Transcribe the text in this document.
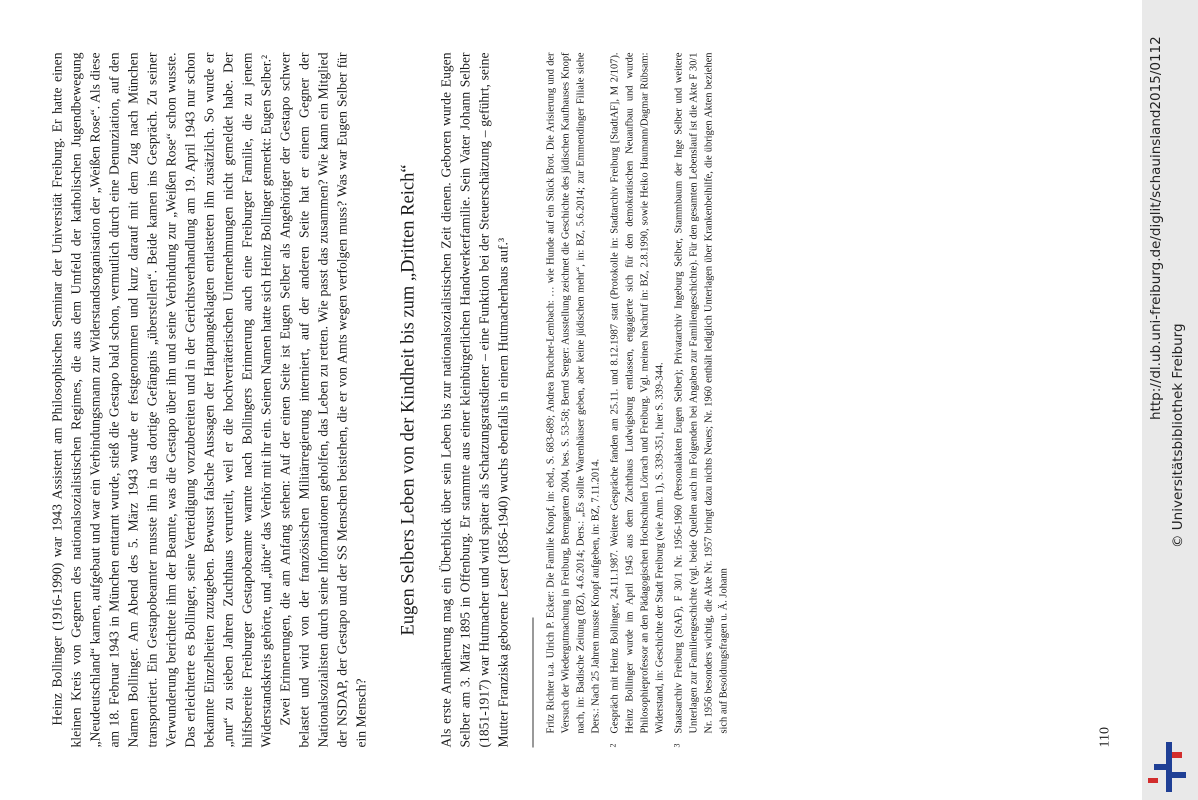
Heinz Bollinger (1916-1990) war 1943 Assistent am Philosophischen Seminar der Universität Freiburg. Er hatte einen kleinen Kreis von Gegnern des nationalsozialistischen Regimes, die aus dem Umfeld der katholischen Jugendbewegung „Neudeutschland“ kamen, aufgebaut und war ein Verbindungsmann zur Widerstandsorganisation der „Weißen Rose“. Als diese am 18. Februar 1943 in München enttarnt wurde, stieß die Gestapo bald schon, vermutlich durch eine Denunziation, auf den Namen Bollinger. Am Abend des 5. März 1943 wurde er festgenommen und kurz darauf mit dem Zug nach München transportiert. Ein Gestapobeamter musste ihn in das dortige Gefängnis „überstellen“. Beide kamen ins Gespräch. Zu seiner Verwunderung berichtete ihm der Beamte, was die Gestapo über ihn und seine Verbindung zur „Weißen Rose“ schon wusste. Das erleichterte es Bollinger, seine Verteidigung vorzubereiten und in der Gerichtsverhandlung am 19. April 1943 nur schon bekannte Einzelheiten zuzugeben. Bewusst falsche Aussagen der Hauptangeklagten entlasteten ihn zusätzlich. So wurde er „nur“ zu sieben Jahren Zuchthaus verurteilt, weil er die hochverräterischen Unternehmungen nicht gemeldet habe. Der hilfsbereite Freiburger Gestapobeamte warnte nach Bollingers Erinnerung auch eine Freiburger Familie, die zu jenem Widerstandskreis gehörte, und „übte“ das Verhör mit ihr ein. Seinen Namen hatte sich Heinz Bollinger gemerkt: Eugen Selber.² Zwei Erinnerungen, die am Anfang stehen: Auf der einen Seite ist Eugen Selber als Angehöriger der Gestapo schwer belastet und wird von der französischen Militärregierung interniert, auf der anderen Seite hat er einem Gegner der Nationalsozialisten durch seine Informationen geholfen, das Leben zu retten. Wie passt das zusammen? Wie kann ein Mitglied der NSDAP, der Gestapo und der SS Menschen beistehen, die er von Amts wegen verfolgen muss? Was war Eugen Selber für ein Mensch?

Eugen Selbers Leben von der Kindheit bis zum „Dritten Reich“ Als erste Annäherung mag ein Überblick über sein Leben bis zur nationalsozialistischen Zeit dienen. Geboren wurde Eugen Selber am 3. März 1895 in Offenburg. Er stammte aus einer kleinbürgerlichen Handwerkerfamilie. Sein Vater Johann Selber (1851-1917) war Hutmacher und wird später als Schatzungsratsdiener – eine Funktion bei der Steuerschätzung – geführt, seine Mutter Franziska geborene Leser (1856-1940) wuchs ebenfalls in einem Hutmacherhaus auf.³	Fritz Richter u.a. Ulrich P. Ecker: Die Familie Knopf, in: ebd., S. 683-689; Andrea Brucher-Lembach: … wie Hunde auf ein Stück Brot. Die Arisierung und der Versuch der Wiedergutmachung in Freiburg, Bremgarten 2004, bes. S. 53-58; Bernd Serger: Ausstellung zeichnet die Geschichte des jüdischen Kaufhauses Knopf nach, in: Badische Zeitung (BZ), 4.6.2014; Ders.: „Es sollte Warenhäuser geben, aber keine jüdischen mehr“, in: BZ, 5.6.2014; zur Emmendinger Filiale siehe Ders.: Nach 25 Jahren musste Knopf aufgeben, in: BZ, 7.11.2014.
2
Gespräch mit Heinz Bollinger, 24.11.1987. Weitere Gespräche fanden am 25.11. und 8.12.1987 statt (Protokolle in: Stadtarchiv Freiburg [StadtAF], M 2/107). Heinz Bollinger wurde im April 1945 aus dem Zuchthaus Ludwigsburg entlassen, engagierte sich für den demokratischen Neuaufbau und wurde Philosophieprofessor an den Pädagogischen Hochschulen Lörrach und Freiburg. Vgl. meinen Nachruf in: BZ, 2.8.1990, sowie Heiko Haumann/Dagmar Rübsam: Widerstand, in: Geschichte der Stadt Freiburg (wie Anm. 1), S. 339-351, hier S. 339-344.
3
Staatsarchiv Freiburg (StAF), F 30/1 Nr. 1956-1960 (Personalakten Eugen Selber); Privatarchiv Ingeburg Selber, Stammbaum der Inge Selber und weitere Unterlagen zur Familiengeschichte (vgl. beide Quellen auch im Folgenden bei Angaben zur Familiengeschichte). Für den gesamten Lebenslauf ist die Akte F 30/1 Nr. 1956 besonders wichtig, die Akte Nr. 1957 bringt dazu nichts Neues; Nr. 1960 enthält lediglich Unterlagen über Krankenbeihilfe, die übrigen Akten beziehen sich auf Besoldungsfragen u. Ä. Johann
110
http://dl.ub.uni-freiburg.de/diglit/schauinsland2015/0112
© Universitätsbibliothek Freiburg
